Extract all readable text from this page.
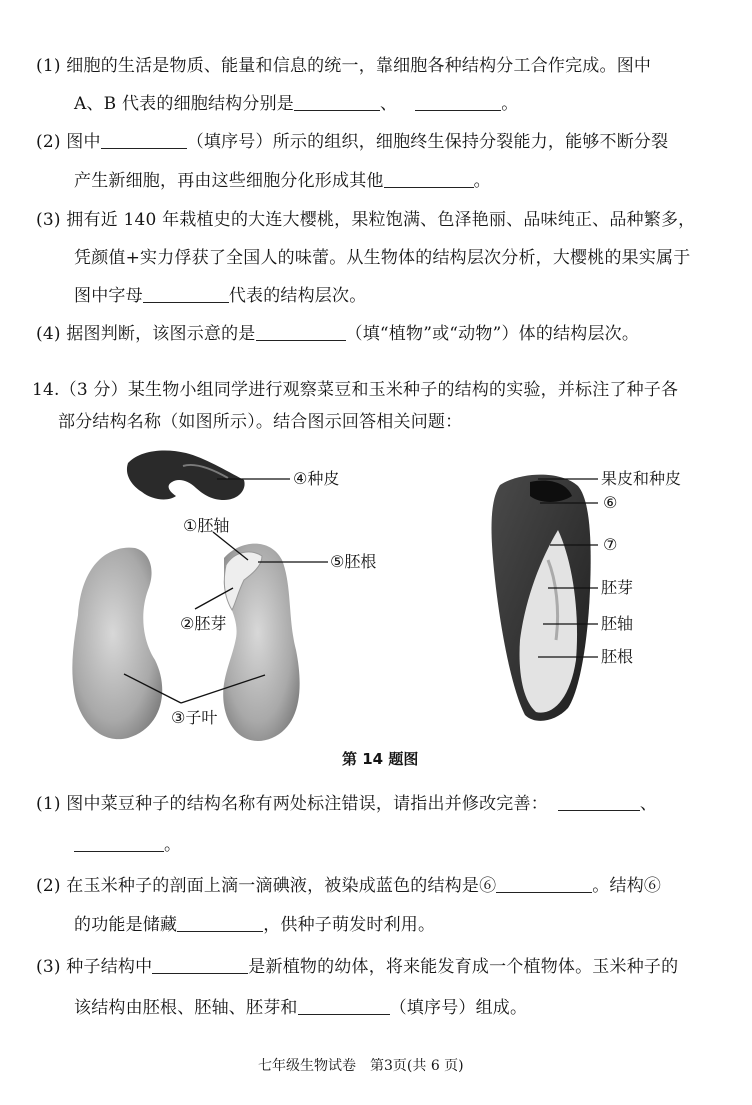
(1) 细胞的生活是物质、能量和信息的统一，靠细胞各种结构分工合作完成。图中
A、B 代表的细胞结构分别是	、	。
(2) 图中	（填序号）所示的组织，细胞终生保持分裂能力，能够不断分裂
产生新细胞，再由这些细胞分化形成其他	。
(3) 拥有近 140 年栽植史的大连大樱桃，果粒饱满、色泽艳丽、品味纯正、品种繁多，
凭颜值+实力俘获了全国人的味蕾。从生物体的结构层次分析，大樱桃的果实属于
图中字母	代表的结构层次。
(4) 据图判断，该图示意的是	（填“植物”或“动物”）体的结构层次。
14.（3 分）某生物小组同学进行观察菜豆和玉米种子的结构的实验，并标注了种子各
部分结构名称（如图所示）。结合图示回答相关问题：
④种皮
①胚轴
⑤胚根
②胚芽
③子叶
果皮和种皮
⑥
⑦
胚芽
胚轴
胚根
第 14 题图
(1) 图中菜豆种子的结构名称有两处标注错误，请指出并修改完善：	、
。
(2) 在玉米种子的剖面上滴一滴碘液，被染成蓝色的结构是⑥	。结构⑥
的功能是储藏	，供种子萌发时利用。
(3) 种子结构中	是新植物的幼体，将来能发育成一个植物体。玉米种子的
该结构由胚根、胚轴、胚芽和	（填序号）组成。
七年级生物试卷　第3页(共 6 页)
